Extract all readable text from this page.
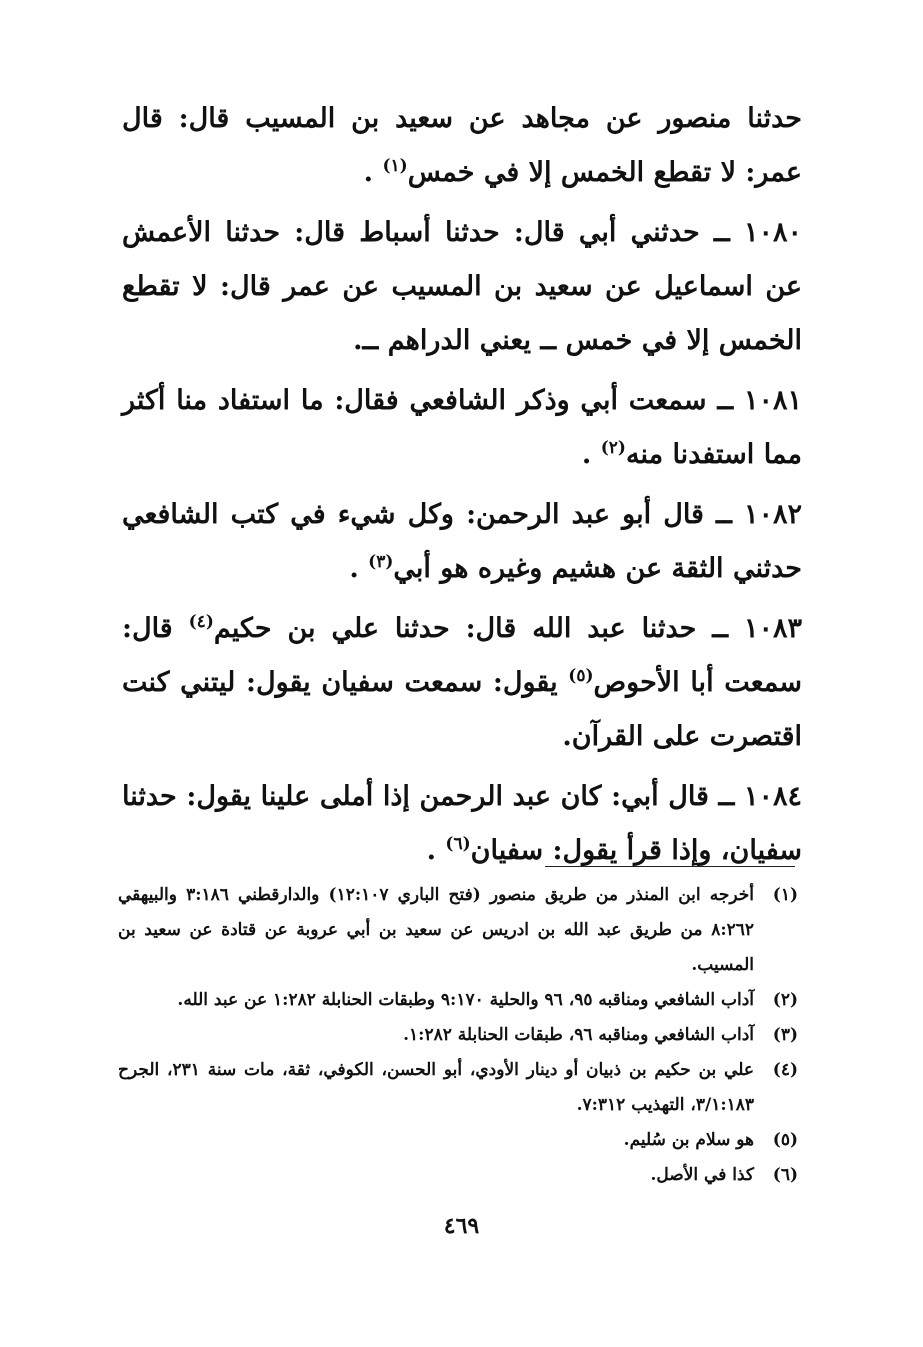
حدثنا منصور عن مجاهد عن سعيد بن المسيب قال: قال عمر: لا تقطع الخمس إلا في خمس$^{(١)}$ .

١٠٨٠ ــ حدثني أبي قال: حدثنا أسباط قال: حدثنا الأعمش عن اسماعيل عن سعيد بن المسيب عن عمر قال: لا تقطع الخمس إلا في خمس ــ يعني الدراهم ــ.

١٠٨١ ــ سمعت أبي وذكر الشافعي فقال: ما استفاد منا أكثر مما استفدنا منه$^{(٢)}$ .

١٠٨٢ ــ قال أبو عبد الرحمن: وكل شيء في كتب الشافعي حدثني الثقة عن هشيم وغيره هو أبي$^{(٣)}$ .

١٠٨٣ ــ حدثنا عبد الله قال: حدثنا علي بن حكيم$^{(٤)}$ قال: سمعت أبا الأحوص$^{(٥)}$ يقول: سمعت سفيان يقول: ليتني كنت اقتصرت على القرآن.

١٠٨٤ ــ قال أبي: كان عبد الرحمن إذا أملى علينا يقول: حدثنا سفيان، وإذا قرأ يقول: سفيان$^{(٦)}$ .

(١)
أخرجه ابن المنذر من طريق منصور (فتح الباري ١٢:١٠٧) والدارقطني ٣:١٨٦ والبيهقي ٨:٢٦٢ من طريق عبد الله بن ادريس عن سعيد بن أبي عروبة عن قتادة عن سعيد بن المسيب.
(٢)
آداب الشافعي ومناقبه ٩٥، ٩٦ والحلية ٩:١٧٠ وطبقات الحنابلة ١:٢٨٢ عن عبد الله.
(٣)
آداب الشافعي ومناقبه ٩٦، طبقات الحنابلة ١:٢٨٢.
(٤)
علي بن حكيم بن ذبيان أو دينار الأودي، أبو الحسن، الكوفي، ثقة، مات سنة ٢٣١، الجرح ٣/١:١٨٣، التهذيب ٧:٣١٢.
(٥)
هو سلام بن سُليم.
(٦)
كذا في الأصل.
٤٦٩
